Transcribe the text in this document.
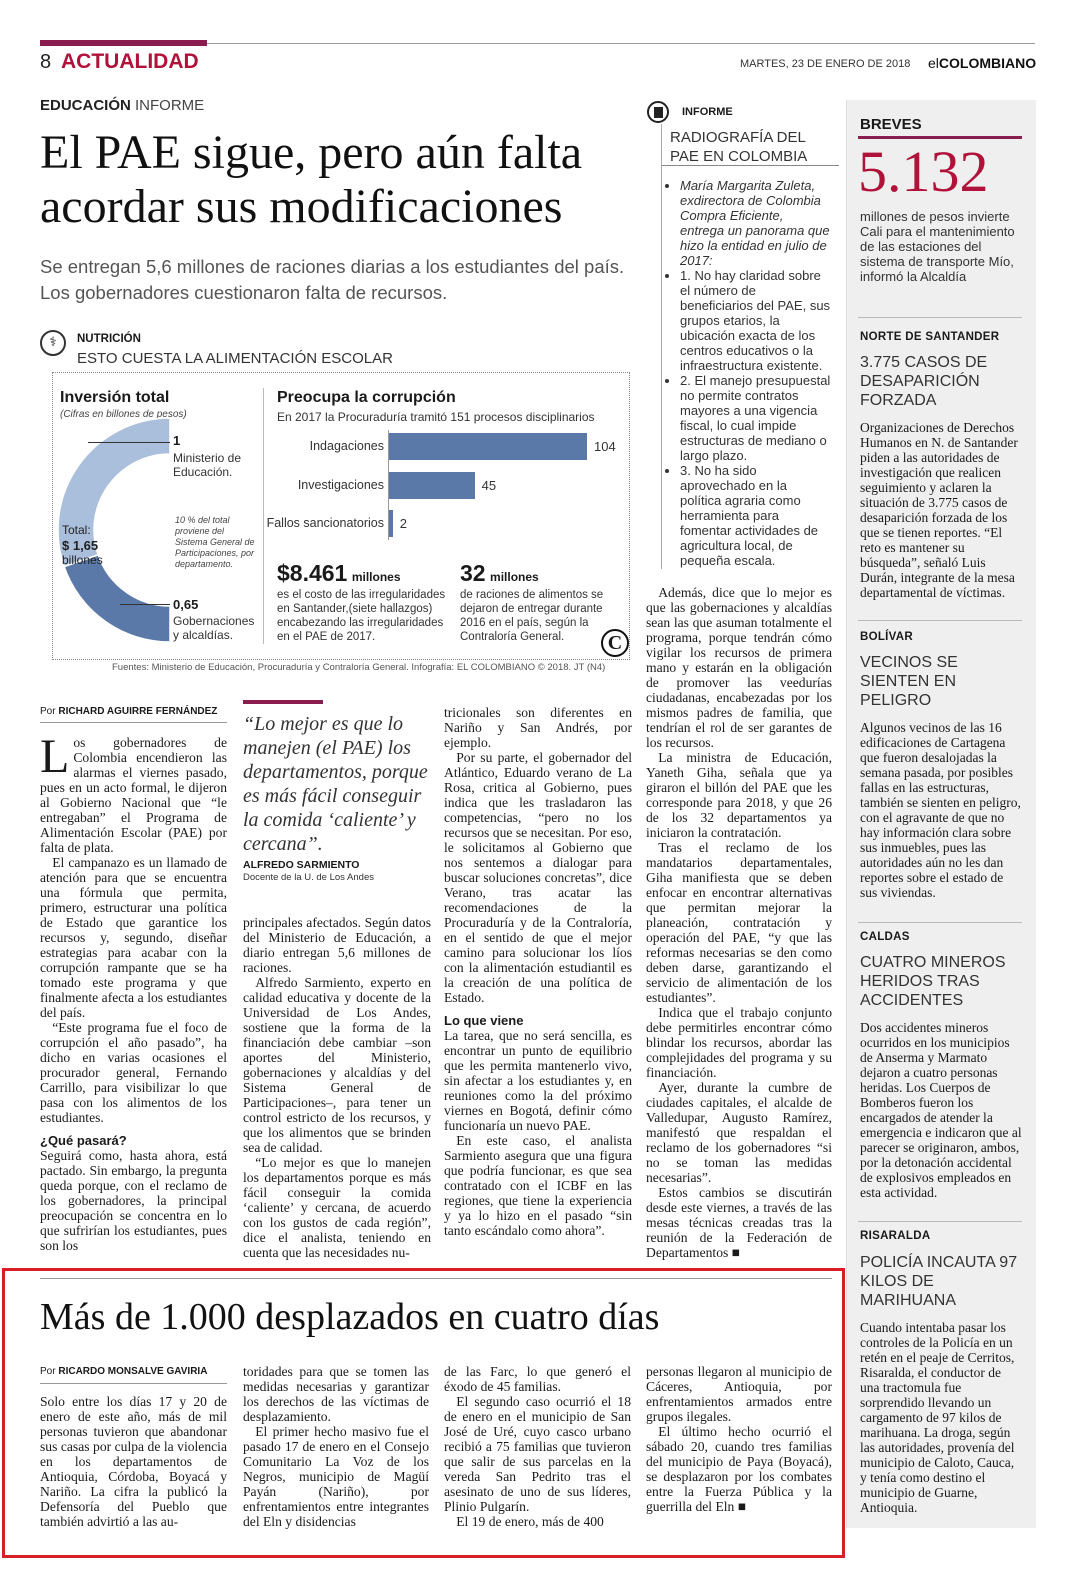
8 ACTUALIDAD	MARTES, 23 DE ENERO DE 2018 elCOLOMBIANO
EDUCACIÓN INFORME
El PAE sigue, pero aún falta acordar sus modificaciones
Se entregan 5,6 millones de raciones diarias a los estudiantes del país. Los gobernadores cuestionaron falta de recursos.
⚕	NUTRICIÓN
ESTO CUESTA LA ALIMENTACIÓN ESCOLAR
Inversión total
(Cifras en billones de pesos)
Total:
$ 1,65
billones
1
Ministerio de Educación.
10 % del total proviene del Sistema General de Participaciones, por departamento.
0,65
Gobernaciones y alcaldías.
Preocupa la corrupción
En 2017 la Procuraduría tramitó 151 procesos disciplinarios
Indagaciones	104
Investigaciones	45
Fallos sancionatorios 2
$8.461 millones
es el costo de las irregularidades en Santander,(siete hallazgos) encabezando las irregularidades en el PAE de 2017.
32 millones
de raciones de alimentos se dejaron de entregar durante 2016 en el país, según la Contraloría General.	C
Fuentes: Ministerio de Educación, Procuraduría y Contraloría General. Infografía: EL COLOMBIANO © 2018. JT (N4)
INFORME
RADIOGRAFÍA DEL PAE EN COLOMBIA
• María Margarita Zuleta, exdirectora de Colombia Compra Eficiente, entrega un panorama que hizo la entidad en julio de 2017:
• 1. No hay claridad sobre el número de beneficiarios del PAE, sus grupos etarios, la ubicación exacta de los centros educativos o la infraestructura existente.
• 2. El manejo presupuestal no permite contratos mayores a una vigencia fiscal, lo cual impide estructuras de mediano o largo plazo.
• 3. No ha sido aprovechado en la política agraria como herramienta para fomentar actividades de agricultura local, de pequeña escala.
Por RICHARD AGUIRRE FERNÁNDEZ
L os gobernadores de Colombia encendieron las alarmas el viernes pasado, pues en un acto formal, le dijeron al Gobierno Nacional que “le entregaban” el Programa de Alimentación Escolar (PAE) por falta de plata.

El campanazo es un llamado de atención para que se encuentra una fórmula que permita, primero, estructurar una política de Estado que garantice los recursos y, segundo, diseñar estrategias para acabar con la corrupción rampante que se ha tomado este programa y que finalmente afecta a los estudiantes del país.

“Este programa fue el foco de corrupción el año pasado”, ha dicho en varias ocasiones el procurador general, Fernando Carrillo, para visibilizar lo que pasa con los alimentos de los estudiantes.

¿Qué pasará?

Seguirá como, hasta ahora, está pactado. Sin embargo, la pregunta queda porque, con el reclamo de los gobernadores, la principal preocupación se concentra en lo que sufrirían los estudiantes, pues son los

“Lo mejor es que lo manejen (el PAE) los departamentos, porque es más fácil conseguir la comida ‘caliente’ y cercana”.
ALFREDO SARMIENTO
Docente de la U. de Los Andes

principales afectados. Según datos del Ministerio de Educación, a diario entregan 5,6 millones de raciones.

Alfredo Sarmiento, experto en calidad educativa y docente de la Universidad de Los Andes, sostiene que la forma de la financiación debe cambiar –son aportes del Ministerio, gobernaciones y alcaldías y del Sistema General de Participaciones–, para tener un control estricto de los recursos, y que los alimentos que se brinden sea de calidad.

“Lo mejor es que lo manejen los departamentos porque es más fácil conseguir la comida ‘caliente’ y cercana, de acuerdo con los gustos de cada región”, dice el analista, teniendo en cuenta que las necesidades nu-

tricionales son diferentes en Nariño y San Andrés, por ejemplo.

Por su parte, el gobernador del Atlántico, Eduardo verano de La Rosa, critica al Gobierno, pues indica que les trasladaron las competencias, “pero no los recursos que se necesitan. Por eso, le solicitamos al Gobierno que nos sentemos a dialogar para buscar soluciones concretas”, dice Verano, tras acatar las recomendaciones de la Procuraduría y de la Contraloría, en el sentido de que el mejor camino para solucionar los líos con la alimentación estudiantil es la creación de una política de Estado.

Lo que viene

La tarea, que no será sencilla, es encontrar un punto de equilibrio que les permita mantenerlo vivo, sin afectar a los estudiantes y, en reuniones como la del próximo viernes en Bogotá, definir cómo funcionaría un nuevo PAE.

En este caso, el analista Sarmiento asegura que una figura que podría funcionar, es que sea contratado con el ICBF en las regiones, que tiene la experiencia y ya lo hizo en el pasado “sin tanto escándalo como ahora”.

Además, dice que lo mejor es que las gobernaciones y alcaldías sean las que asuman totalmente el programa, porque tendrán cómo vigilar los recursos de primera mano y estarán en la obligación de promover las veedurías ciudadanas, encabezadas por los mismos padres de familia, que tendrían el rol de ser garantes de los recursos.

La ministra de Educación, Yaneth Giha, señala que ya giraron el billón del PAE que les corresponde para 2018, y que 26 de los 32 departamentos ya iniciaron la contratación.

Tras el reclamo de los mandatarios departamentales, Giha manifiesta que se deben enfocar en encontrar alternativas que permitan mejorar la planeación, contratación y operación del PAE, “y que las reformas necesarias se den como deben darse, garantizando el servicio de alimentación de los estudiantes”.

Indica que el trabajo conjunto debe permitirles encontrar cómo blindar los recursos, abordar las complejidades del programa y su financiación.

Ayer, durante la cumbre de ciudades capitales, el alcalde de Valledupar, Augusto Ramírez, manifestó que respaldan el reclamo de los gobernadores “si no se toman las medidas necesarias”.

Estos cambios se discutirán desde este viernes, a través de las mesas técnicas creadas tras la reunión de la Federación de Departamentos ■

BREVES
5.132
millones de pesos invierte Cali para el mantenimiento de las estaciones del sistema de transporte Mío, informó la Alcaldía
NORTE DE SANTANDER
3.775 CASOS DE DESAPARICIÓN FORZADA
Organizaciones de Derechos Humanos en N. de Santander piden a las autoridades de investigación que realicen seguimiento y aclaren la situación de 3.775 casos de desaparición forzada de los que se tienen reportes. “El reto es mantener su búsqueda”, señaló Luis Durán, integrante de la mesa departamental de víctimas.
BOLÍVAR
VECINOS SE SIENTEN EN PELIGRO
Algunos vecinos de las 16 edificaciones de Cartagena que fueron desalojadas la semana pasada, por posibles fallas en las estructuras, también se sienten en peligro, con el agravante de que no hay información clara sobre sus inmuebles, pues las autoridades aún no les dan reportes sobre el estado de sus viviendas.
CALDAS
CUATRO MINEROS HERIDOS TRAS ACCIDENTES
Dos accidentes mineros ocurridos en los municipios de Anserma y Marmato dejaron a cuatro personas heridas. Los Cuerpos de Bomberos fueron los encargados de atender la emergencia e indicaron que al parecer se originaron, ambos, por la detonación accidental de explosivos empleados en esta actividad.
RISARALDA
POLICÍA INCAUTA 97 KILOS DE MARIHUANA
Cuando intentaba pasar los controles de la Policía en un retén en el peaje de Cerritos, Risaralda, el conductor de una tractomula fue sorprendido llevando un cargamento de 97 kilos de marihuana. La droga, según las autoridades, provenía del municipio de Caloto, Cauca, y tenía como destino el municipio de Guarne, Antioquia.
Más de 1.000 desplazados en cuatro días
Por RICARDO MONSALVE GAVIRIA

Solo entre los días 17 y 20 de enero de este año, más de mil personas tuvieron que abandonar sus casas por culpa de la violencia en los departamentos de Antioquia, Córdoba, Boyacá y Nariño. La cifra la publicó la Defensoría del Pueblo que también advirtió a las au-

toridades para que se tomen las medidas necesarias y garantizar los derechos de las víctimas de desplazamiento.

El primer hecho masivo fue el pasado 17 de enero en el Consejo Comunitario La Voz de los Negros, municipio de Magüí Payán (Nariño), por enfrentamientos entre integrantes del Eln y disidencias

de las Farc, lo que generó el éxodo de 45 familias.

El segundo caso ocurrió el 18 de enero en el municipio de San José de Uré, cuyo casco urbano recibió a 75 familias que tuvieron que salir de sus parcelas en la vereda San Pedrito tras el asesinato de uno de sus líderes, Plinio Pulgarín.

El 19 de enero, más de 400

personas llegaron al municipio de Cáceres, Antioquia, por enfrentamientos armados entre grupos ilegales.

El último hecho ocurrió el sábado 20, cuando tres familias del municipio de Paya (Boyacá), se desplazaron por los combates entre la Fuerza Pública y la guerrilla del Eln ■
